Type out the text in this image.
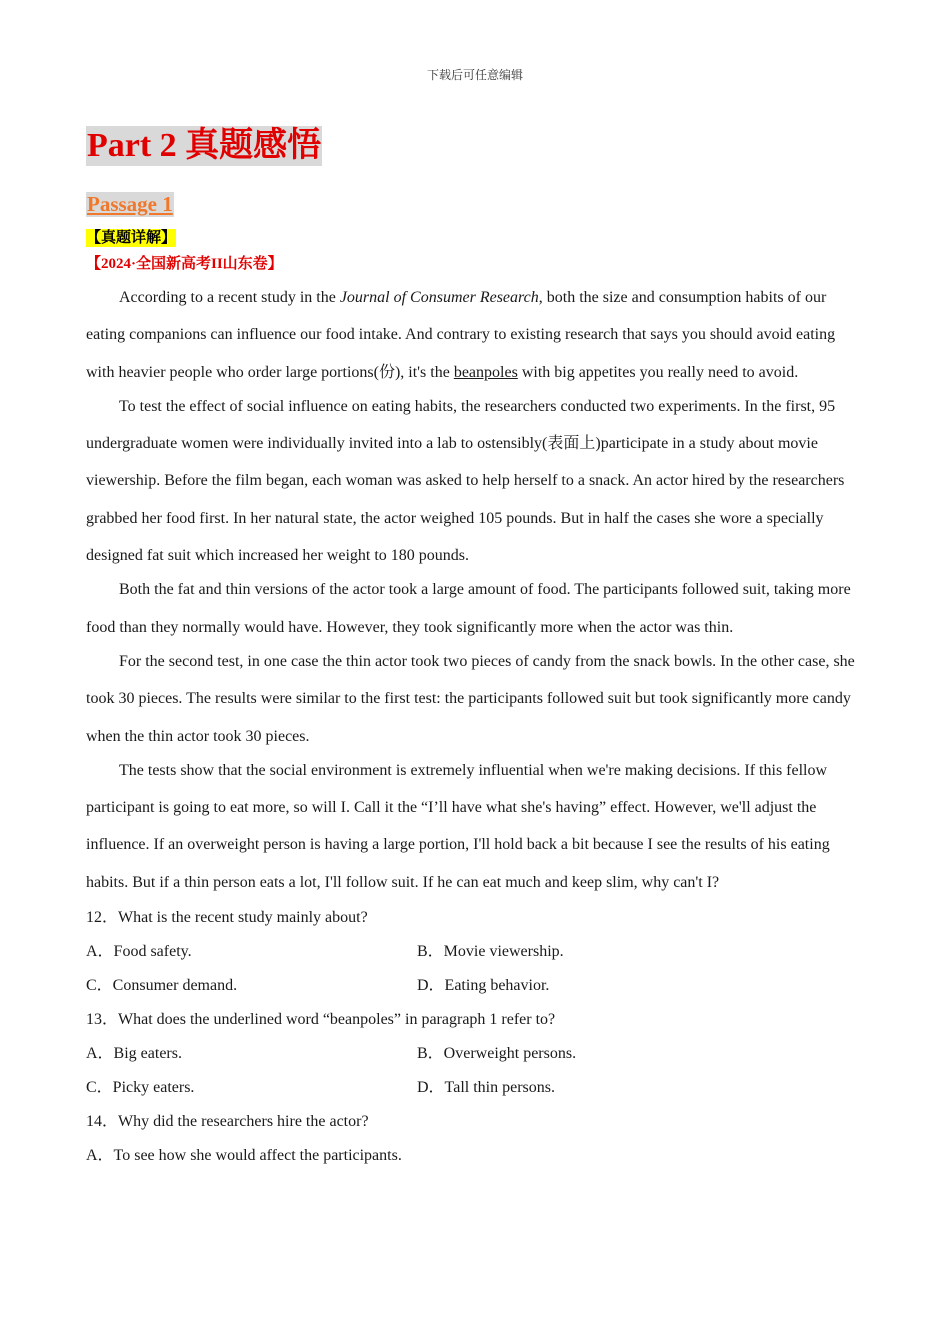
下载后可任意编辑
Part 2 真题感悟
Passage 1
【真题详解】
【2024·全国新高考II山东卷】

According to a recent study in the Journal of Consumer Research, both the size and consumption habits of our eating companions can influence our food intake. And contrary to existing research that says you should avoid eating with heavier people who order large portions(份), it's the beanpoles with big appetites you really need to avoid.

To test the effect of social influence on eating habits, the researchers conducted two experiments. In the first, 95 undergraduate women were individually invited into a lab to ostensibly(表面上)participate in a study about movie viewership. Before the film began, each woman was asked to help herself to a snack. An actor hired by the researchers grabbed her food first. In her natural state, the actor weighed 105 pounds. But in half the cases she wore a specially designed fat suit which increased her weight to 180 pounds.

Both the fat and thin versions of the actor took a large amount of food. The participants followed suit, taking more food than they normally would have. However, they took significantly more when the actor was thin.

For the second test, in one case the thin actor took two pieces of candy from the snack bowls. In the other case, she took 30 pieces. The results were similar to the first test: the participants followed suit but took significantly more candy when the thin actor took 30 pieces.

The tests show that the social environment is extremely influential when we're making decisions. If this fellow participant is going to eat more, so will I. Call it the “I’ll have what she's having” effect. However, we'll adjust the influence. If an overweight person is having a large portion, I'll hold back a bit because I see the results of his eating habits. But if a thin person eats a lot, I'll follow suit. If he can eat much and keep slim, why can't I?

12．What is the recent study mainly about?

A．Food safety.	B．Movie viewership.
C．Consumer demand.	D．Eating behavior.

13．What does the underlined word “beanpoles” in paragraph 1 refer to?

A．Big eaters.	B．Overweight persons.
C．Picky eaters.	D．Tall thin persons.

14．Why did the researchers hire the actor?

A．To see how she would affect the participants.
